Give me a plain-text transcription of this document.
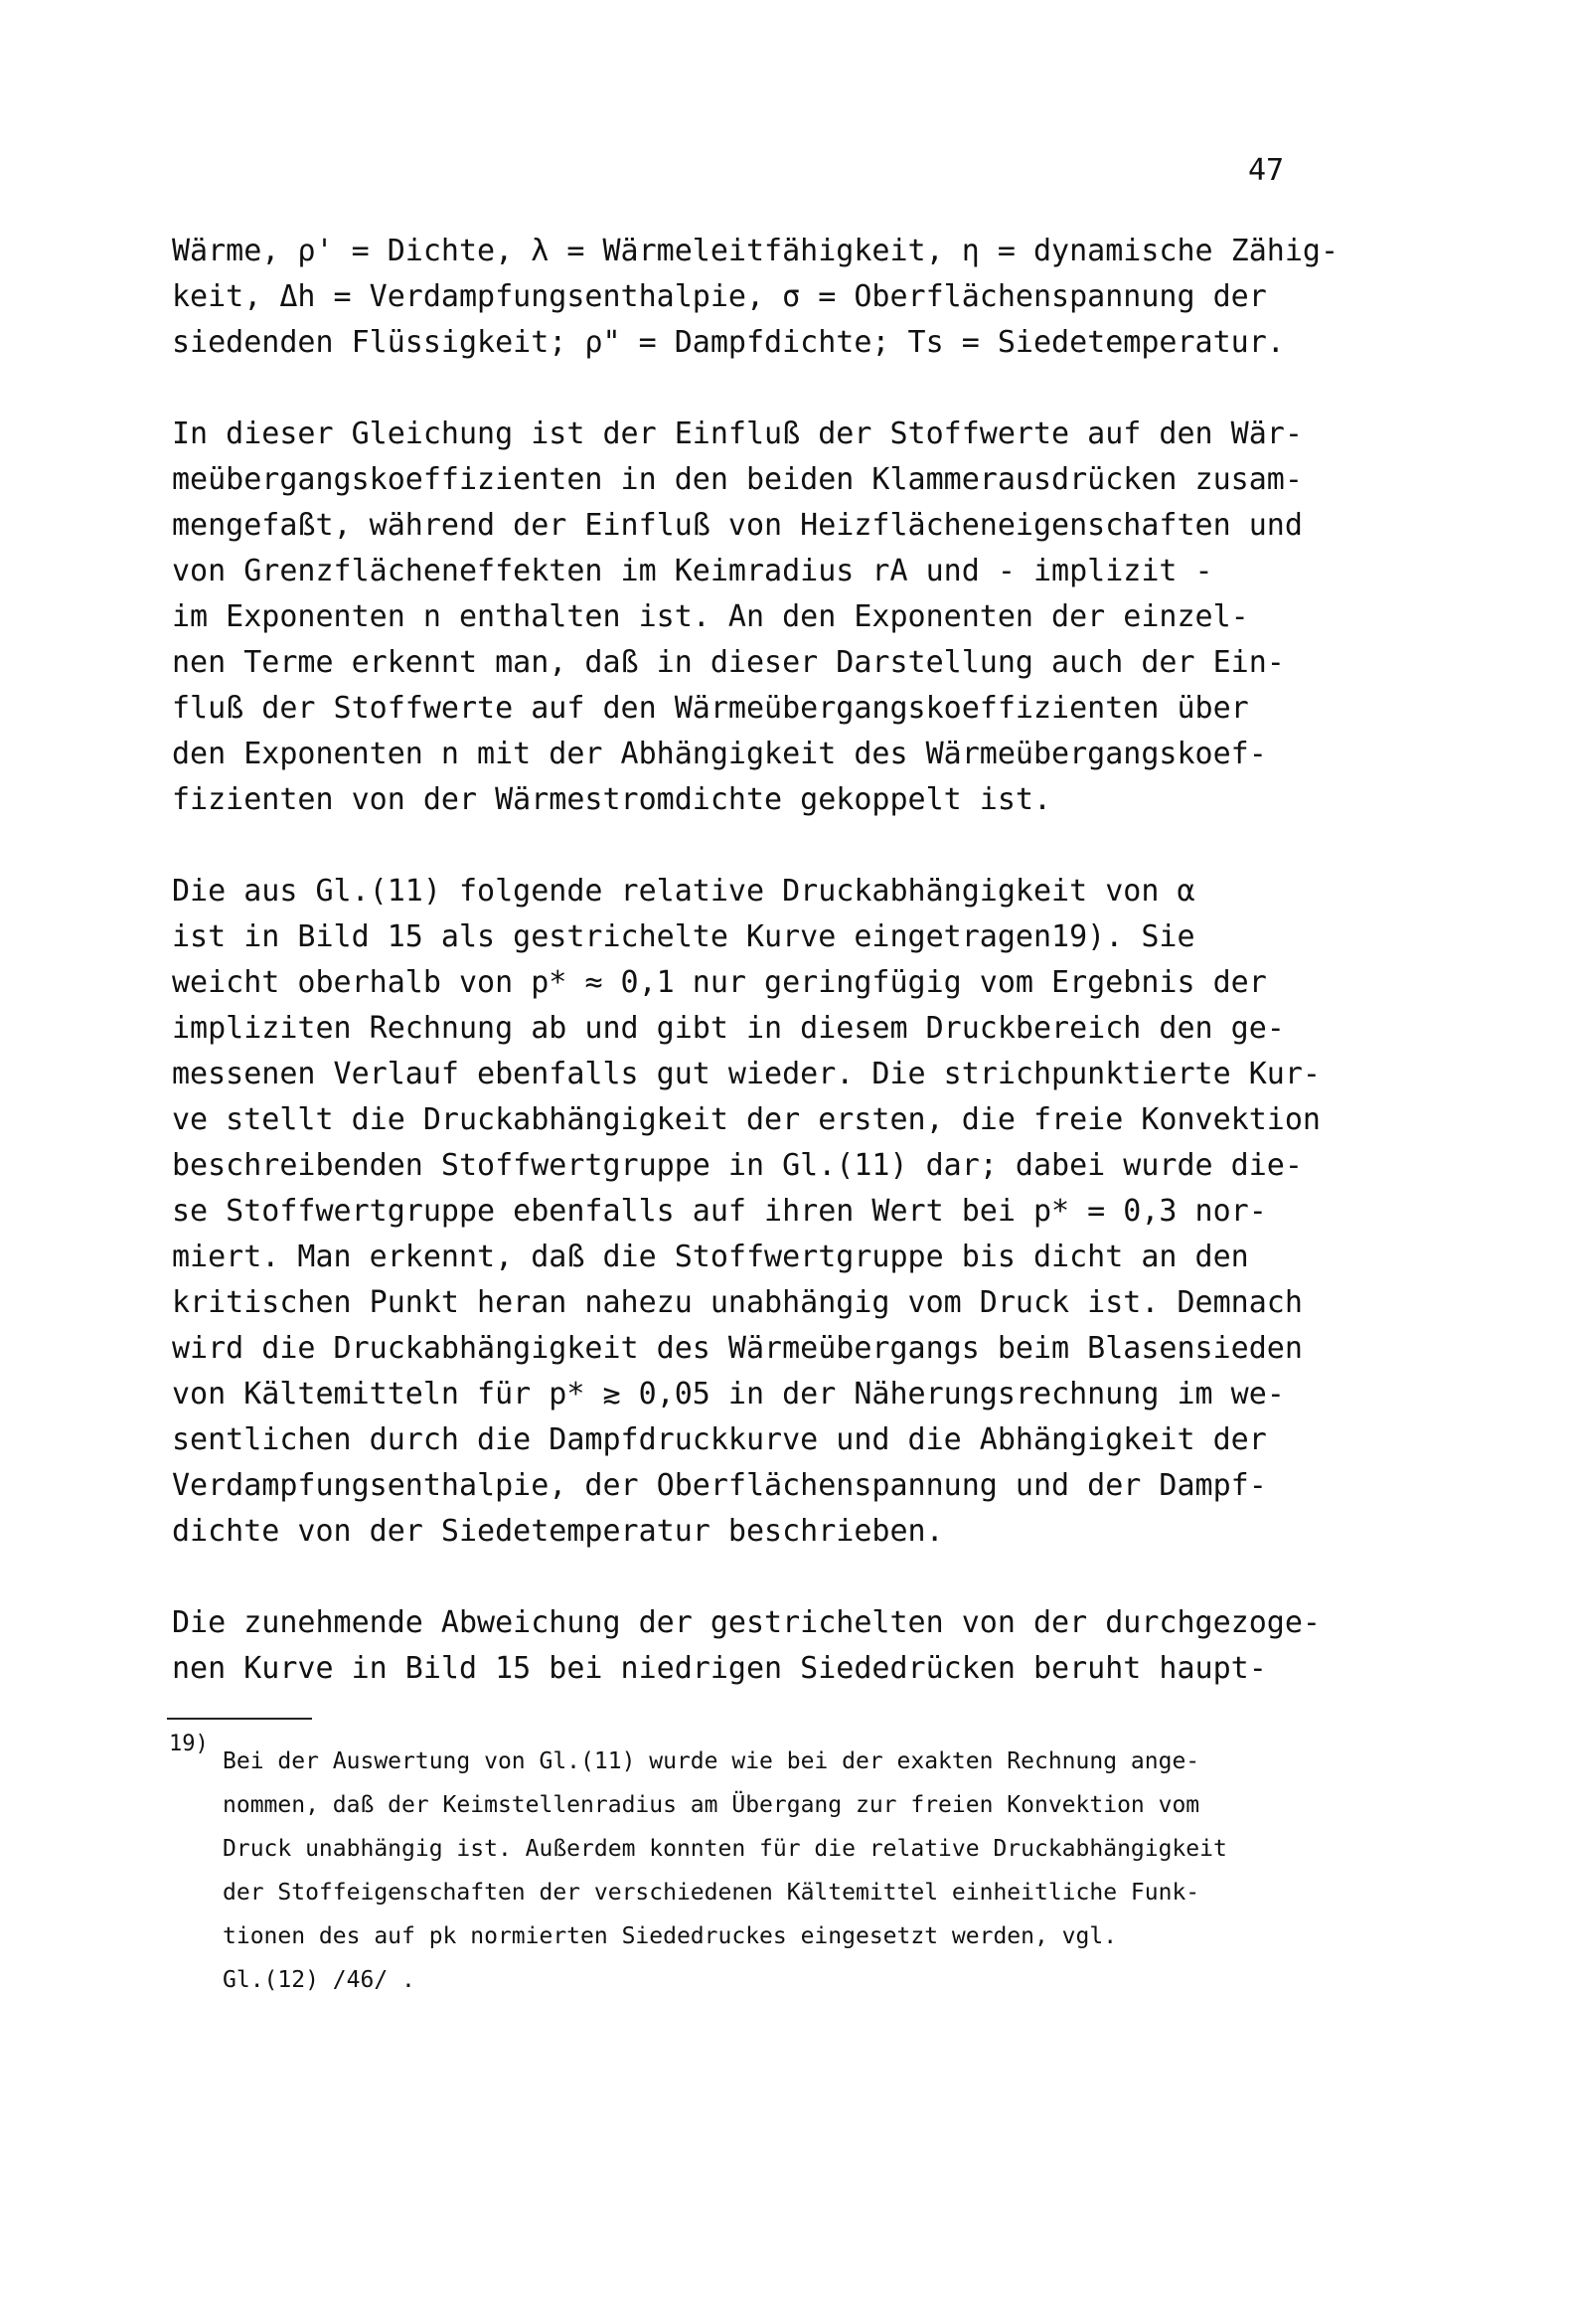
47
Wärme, ρ' = Dichte, λ = Wärmeleitfähigkeit, η = dynamische Zähig-
keit, Δh = Verdampfungsenthalpie, σ = Oberflächenspannung der
siedenden Flüssigkeit; ρ" = Dampfdichte; Ts = Siedetemperatur.
In dieser Gleichung ist der Einfluß der Stoffwerte auf den Wär-
meübergangskoeffizienten in den beiden Klammerausdrücken zusam-
mengefaßt, während der Einfluß von Heizflächeneigenschaften und
von Grenzflächeneffekten im Keimradius rA und - implizit -
im Exponenten n enthalten ist. An den Exponenten der einzel-
nen Terme erkennt man, daß in dieser Darstellung auch der Ein-
fluß der Stoffwerte auf den Wärmeübergangskoeffizienten über
den Exponenten n mit der Abhängigkeit des Wärmeübergangskoef-
fizienten von der Wärmestromdichte gekoppelt ist.
Die aus Gl.(11) folgende relative Druckabhängigkeit von α
ist in Bild 15 als gestrichelte Kurve eingetragen19). Sie
weicht oberhalb von p* ≈ 0,1 nur geringfügig vom Ergebnis der
impliziten Rechnung ab und gibt in diesem Druckbereich den ge-
messenen Verlauf ebenfalls gut wieder. Die strichpunktierte Kur-
ve stellt die Druckabhängigkeit der ersten, die freie Konvektion
beschreibenden Stoffwertgruppe in Gl.(11) dar; dabei wurde die-
se Stoffwertgruppe ebenfalls auf ihren Wert bei p* = 0,3 nor-
miert. Man erkennt, daß die Stoffwertgruppe bis dicht an den
kritischen Punkt heran nahezu unabhängig vom Druck ist. Demnach
wird die Druckabhängigkeit des Wärmeübergangs beim Blasensieden
von Kältemitteln für p* ≳ 0,05 in der Näherungsrechnung im we-
sentlichen durch die Dampfdruckkurve und die Abhängigkeit der
Verdampfungsenthalpie, der Oberflächenspannung und der Dampf-
dichte von der Siedetemperatur beschrieben.
Die zunehmende Abweichung der gestrichelten von der durchgezoge-
nen Kurve in Bild 15 bei niedrigen Siededrücken beruht haupt-
19)
Bei der Auswertung von Gl.(11) wurde wie bei der exakten Rechnung ange-
nommen, daß der Keimstellenradius am Übergang zur freien Konvektion vom
Druck unabhängig ist. Außerdem konnten für die relative Druckabhängigkeit
der Stoffeigenschaften der verschiedenen Kältemittel einheitliche Funk-
tionen des auf pk normierten Siededruckes eingesetzt werden, vgl.
Gl.(12) /46/ .
